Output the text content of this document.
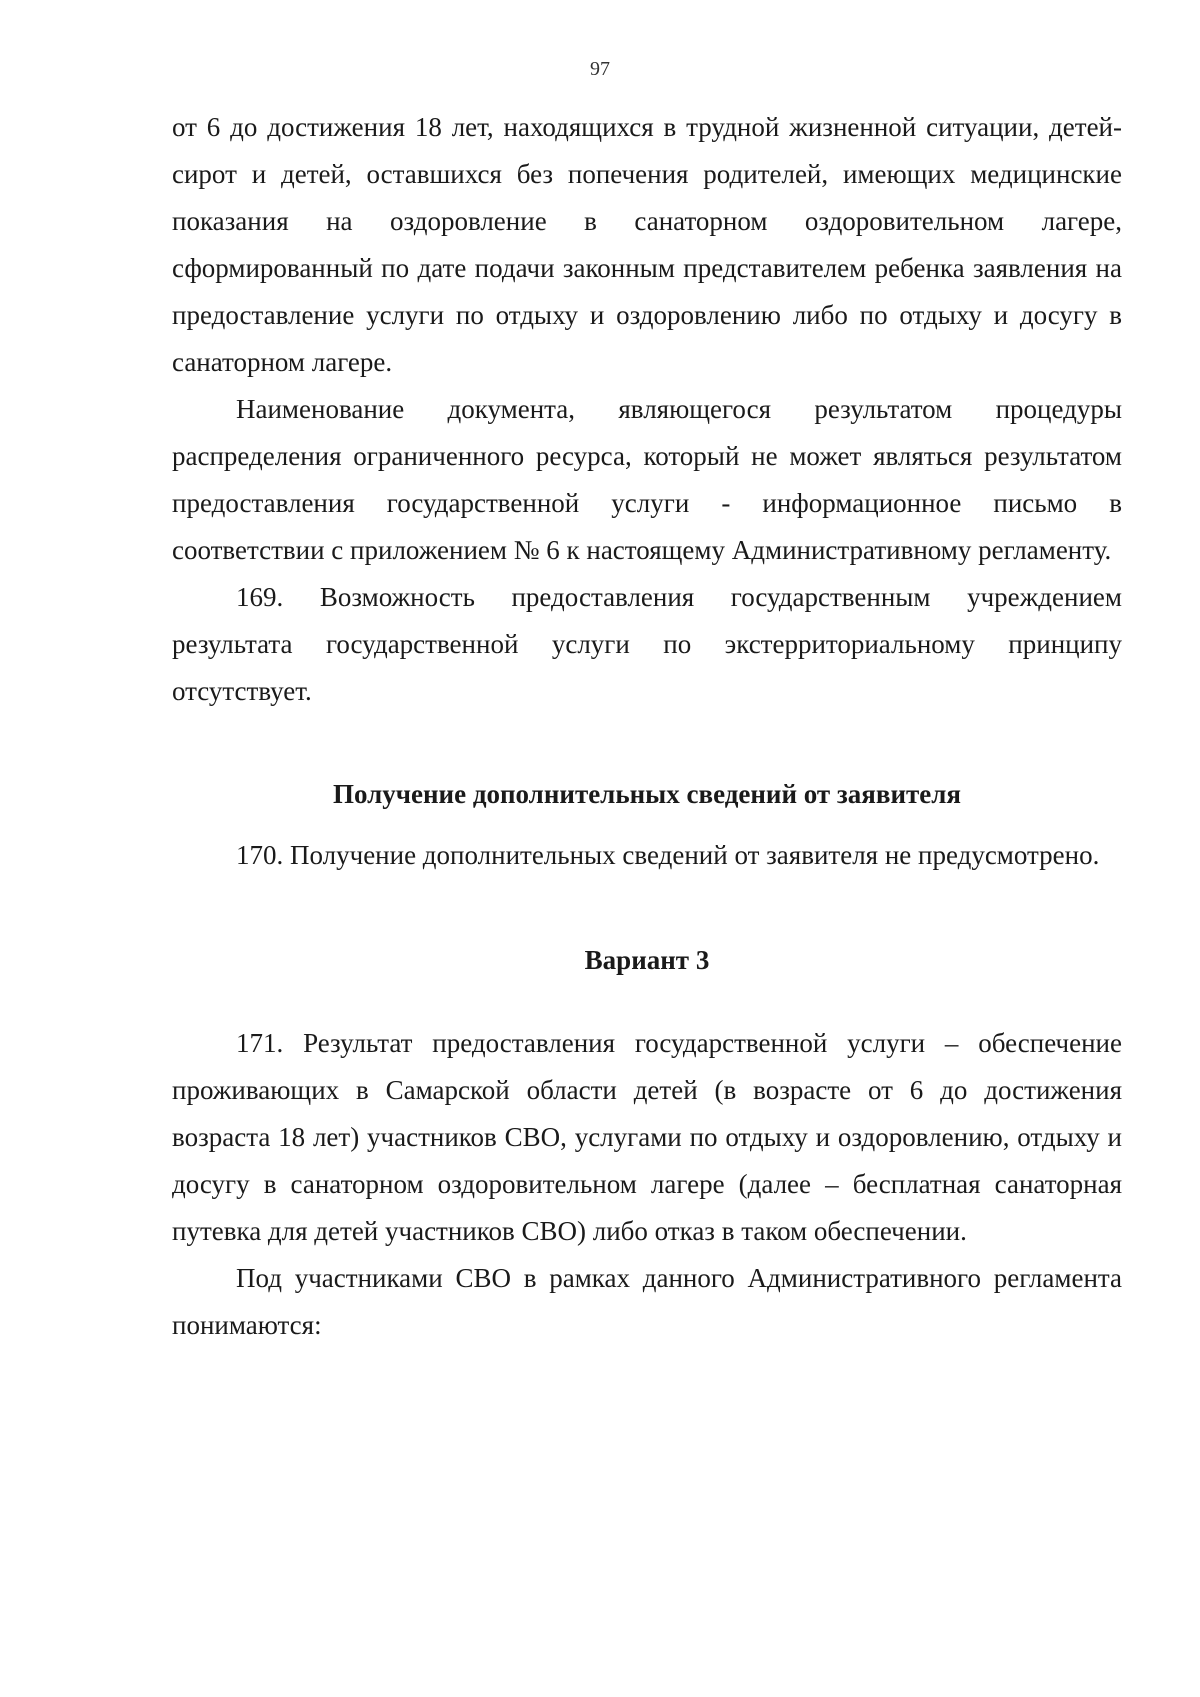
97

от 6 до достижения 18 лет, находящихся в трудной жизненной ситуации, детей-сирот и детей, оставшихся без попечения родителей, имеющих медицинские показания на оздоровление в санаторном оздоровительном лагере, сформированный по дате подачи законным представителем ребенка заявления на предоставление услуги по отдыху и оздоровлению либо по отдыху и досугу в санаторном лагере.

Наименование документа, являющегося результатом процедуры распределения ограниченного ресурса, который не может являться результатом предоставления государственной услуги - информационное письмо в соответствии с приложением № 6 к настоящему Административному регламенту.

169. Возможность предоставления государственным учреждением результата государственной услуги по экстерриториальному принципу отсутствует.

Получение дополнительных сведений от заявителя

170. Получение дополнительных сведений от заявителя не предусмотрено.

Вариант 3

171. Результат предоставления государственной услуги – обеспечение проживающих в Самарской области детей (в возрасте от 6 до достижения возраста 18 лет) участников СВО, услугами по отдыху и оздоровлению, отдыху и досугу в санаторном оздоровительном лагере (далее – бесплатная санаторная путевка для детей участников СВО) либо отказ в таком обеспечении.

Под участниками СВО в рамках данного Административного регламента понимаются:
